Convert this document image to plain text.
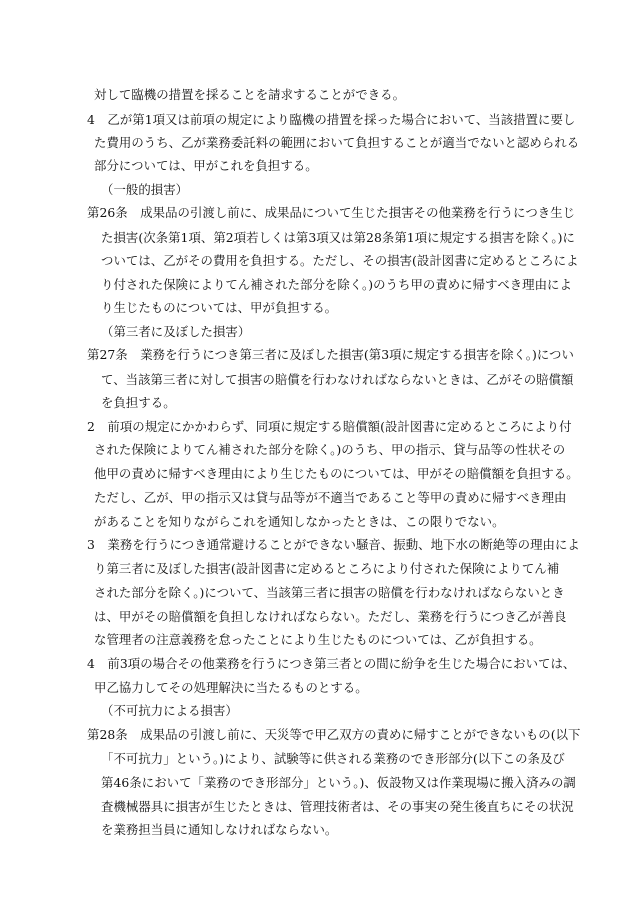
対して臨機の措置を採ることを請求することができる。
4　乙が第1項又は前項の規定により臨機の措置を採った場合において、当該措置に要し
た費用のうち、乙が業務委託料の範囲において負担することが適当でないと認められる
部分については、甲がこれを負担する。
（一般的損害）
第26条　成果品の引渡し前に、成果品について生じた損害その他業務を行うにつき生じ
た損害(次条第1項、第2項若しくは第3項又は第28条第1項に規定する損害を除く。)に
ついては、乙がその費用を負担する。ただし、その損害(設計図書に定めるところによ
り付された保険によりてん補された部分を除く。)のうち甲の責めに帰すべき理由によ
り生じたものについては、甲が負担する。
（第三者に及ぼした損害）
第27条　業務を行うにつき第三者に及ぼした損害(第3項に規定する損害を除く。)につい
て、当該第三者に対して損害の賠償を行わなければならないときは、乙がその賠償額
を負担する。
2　前項の規定にかかわらず、同項に規定する賠償額(設計図書に定めるところにより付
された保険によりてん補された部分を除く。)のうち、甲の指示、貸与品等の性状その
他甲の責めに帰すべき理由により生じたものについては、甲がその賠償額を負担する。
ただし、乙が、甲の指示又は貸与品等が不適当であること等甲の責めに帰すべき理由
があることを知りながらこれを通知しなかったときは、この限りでない。
3　業務を行うにつき通常避けることができない騒音、振動、地下水の断絶等の理由によ
り第三者に及ぼした損害(設計図書に定めるところにより付された保険によりてん補
された部分を除く。)について、当該第三者に損害の賠償を行わなければならないとき
は、甲がその賠償額を負担しなければならない。ただし、業務を行うにつき乙が善良
な管理者の注意義務を怠ったことにより生じたものについては、乙が負担する。
4　前3項の場合その他業務を行うにつき第三者との間に紛争を生じた場合においては、
甲乙協力してその処理解決に当たるものとする。
（不可抗力による損害）
第28条　成果品の引渡し前に、天災等で甲乙双方の責めに帰すことができないもの(以下
「不可抗力」という。)により、試験等に供される業務のでき形部分(以下この条及び
第46条において「業務のでき形部分」という。)、仮設物又は作業現場に搬入済みの調
査機械器具に損害が生じたときは、管理技術者は、その事実の発生後直ちにその状況
を業務担当員に通知しなければならない。
